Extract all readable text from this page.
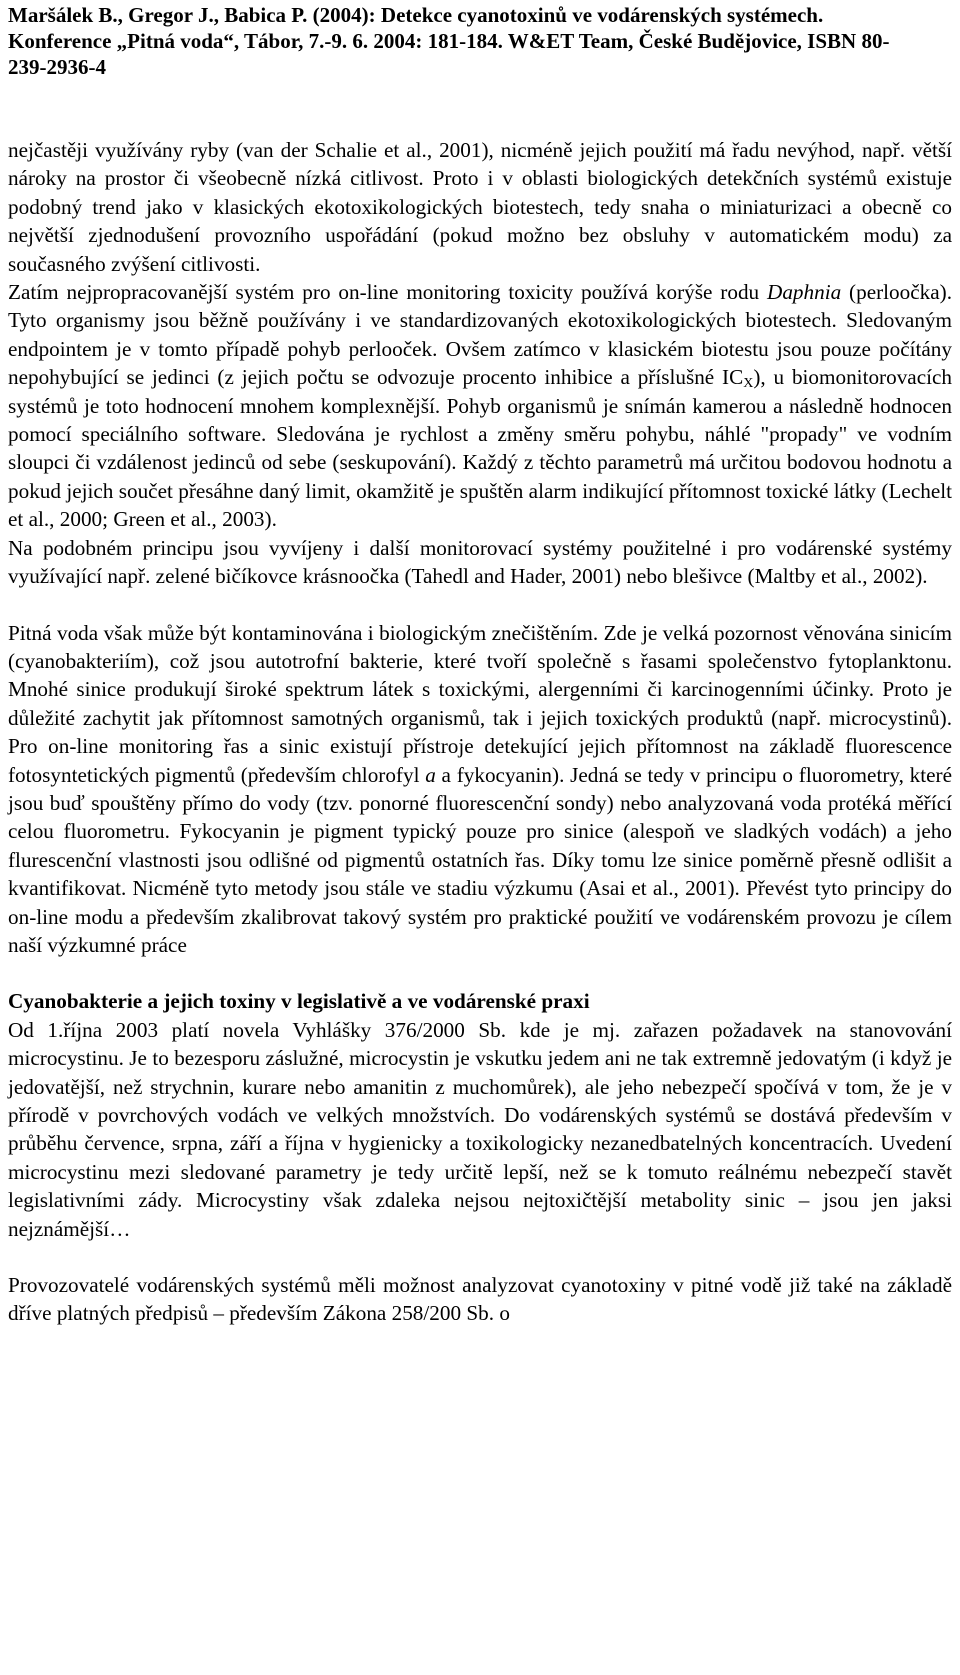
Maršálek B., Gregor J., Babica P. (2004): Detekce cyanotoxinů ve vodárenských systémech.
Konference „Pitná voda“, Tábor, 7.-9. 6. 2004: 181-184. W&ET Team, České Budějovice, ISBN 80-
239-2936-4

nejčastěji využívány ryby (van der Schalie et al., 2001), nicméně jejich použití má řadu nevýhod, např. větší nároky na prostor či všeobecně nízká citlivost. Proto i v oblasti biologických detekčních systémů existuje podobný trend jako v klasických ekotoxikologických biotestech, tedy snaha o miniaturizaci a obecně co největší zjednodušení provozního uspořádání (pokud možno bez obsluhy v automatickém modu) za současného zvýšení citlivosti.

Zatím nejpropracovanější systém pro on-line monitoring toxicity používá korýše rodu Daphnia (perloočka). Tyto organismy jsou běžně používány i ve standardizovaných ekotoxikologických biotestech. Sledovaným endpointem je v tomto případě pohyb perlooček. Ovšem zatímco v klasickém biotestu jsou pouze počítány nepohybující se jedinci (z jejich počtu se odvozuje procento inhibice a příslušné $IC_X$), u biomonitorovacích systémů je toto hodnocení mnohem komplexnější. Pohyb organismů je snímán kamerou a následně hodnocen pomocí speciálního software. Sledována je rychlost a změny směru pohybu, náhlé "propady" ve vodním sloupci či vzdálenost jedinců od sebe (seskupování). Každý z těchto parametrů má určitou bodovou hodnotu a pokud jejich součet přesáhne daný limit, okamžitě je spuštěn alarm indikující přítomnost toxické látky (Lechelt et al., 2000; Green et al., 2003).

Na podobném principu jsou vyvíjeny i další monitorovací systémy použitelné i pro vodárenské systémy využívající např. zelené bičíkovce krásnoočka (Tahedl and Hader, 2001) nebo blešivce (Maltby et al., 2002).

Pitná voda však může být kontaminována i biologickým znečištěním. Zde je velká pozornost věnována sinicím (cyanobakteriím), což jsou autotrofní bakterie, které tvoří společně s řasami společenstvo fytoplanktonu. Mnohé sinice produkují široké spektrum látek s toxickými, alergenními či karcinogenními účinky. Proto je důležité zachytit jak přítomnost samotných organismů, tak i jejich toxických produktů (např. microcystinů). Pro on-line monitoring řas a sinic existují přístroje detekující jejich přítomnost na základě fluorescence fotosyntetických pigmentů (především chlorofyl a a fykocyanin). Jedná se tedy v principu o fluorometry, které jsou buď spouštěny přímo do vody (tzv. ponorné fluorescenční sondy) nebo analyzovaná voda protéká měřící celou fluorometru. Fykocyanin je pigment typický pouze pro sinice (alespoň ve sladkých vodách) a jeho flurescenční vlastnosti jsou odlišné od pigmentů ostatních řas. Díky tomu lze sinice poměrně přesně odlišit a kvantifikovat. Nicméně tyto metody jsou stále ve stadiu výzkumu (Asai et al., 2001). Převést tyto principy do on-line modu a především zkalibrovat takový systém pro praktické použití ve vodárenském provozu je cílem naší výzkumné práce

Cyanobakterie a jejich toxiny v legislativě a ve vodárenské praxi

Od 1.října 2003 platí novela Vyhlášky 376/2000 Sb. kde je mj. zařazen požadavek na stanovování microcystinu. Je to bezesporu záslužné, microcystin je vskutku jedem ani ne tak extremně jedovatým (i když je jedovatější, než strychnin, kurare nebo amanitin z muchomůrek), ale jeho nebezpečí spočívá v tom, že je v přírodě v povrchových vodách ve velkých množstvích. Do vodárenských systémů se dostává především v průběhu července, srpna, září a října v hygienicky a toxikologicky nezanedbatelných koncentracích. Uvedení microcystinu mezi sledované parametry je tedy určitě lepší, než se k tomuto reálnému nebezpečí stavět legislativními zády. Microcystiny však zdaleka nejsou nejtoxičtější metabolity sinic – jsou jen jaksi nejznámější…

Provozovatelé vodárenských systémů měli možnost analyzovat cyanotoxiny v pitné vodě již také na základě dříve platných předpisů – především Zákona 258/200 Sb. o
